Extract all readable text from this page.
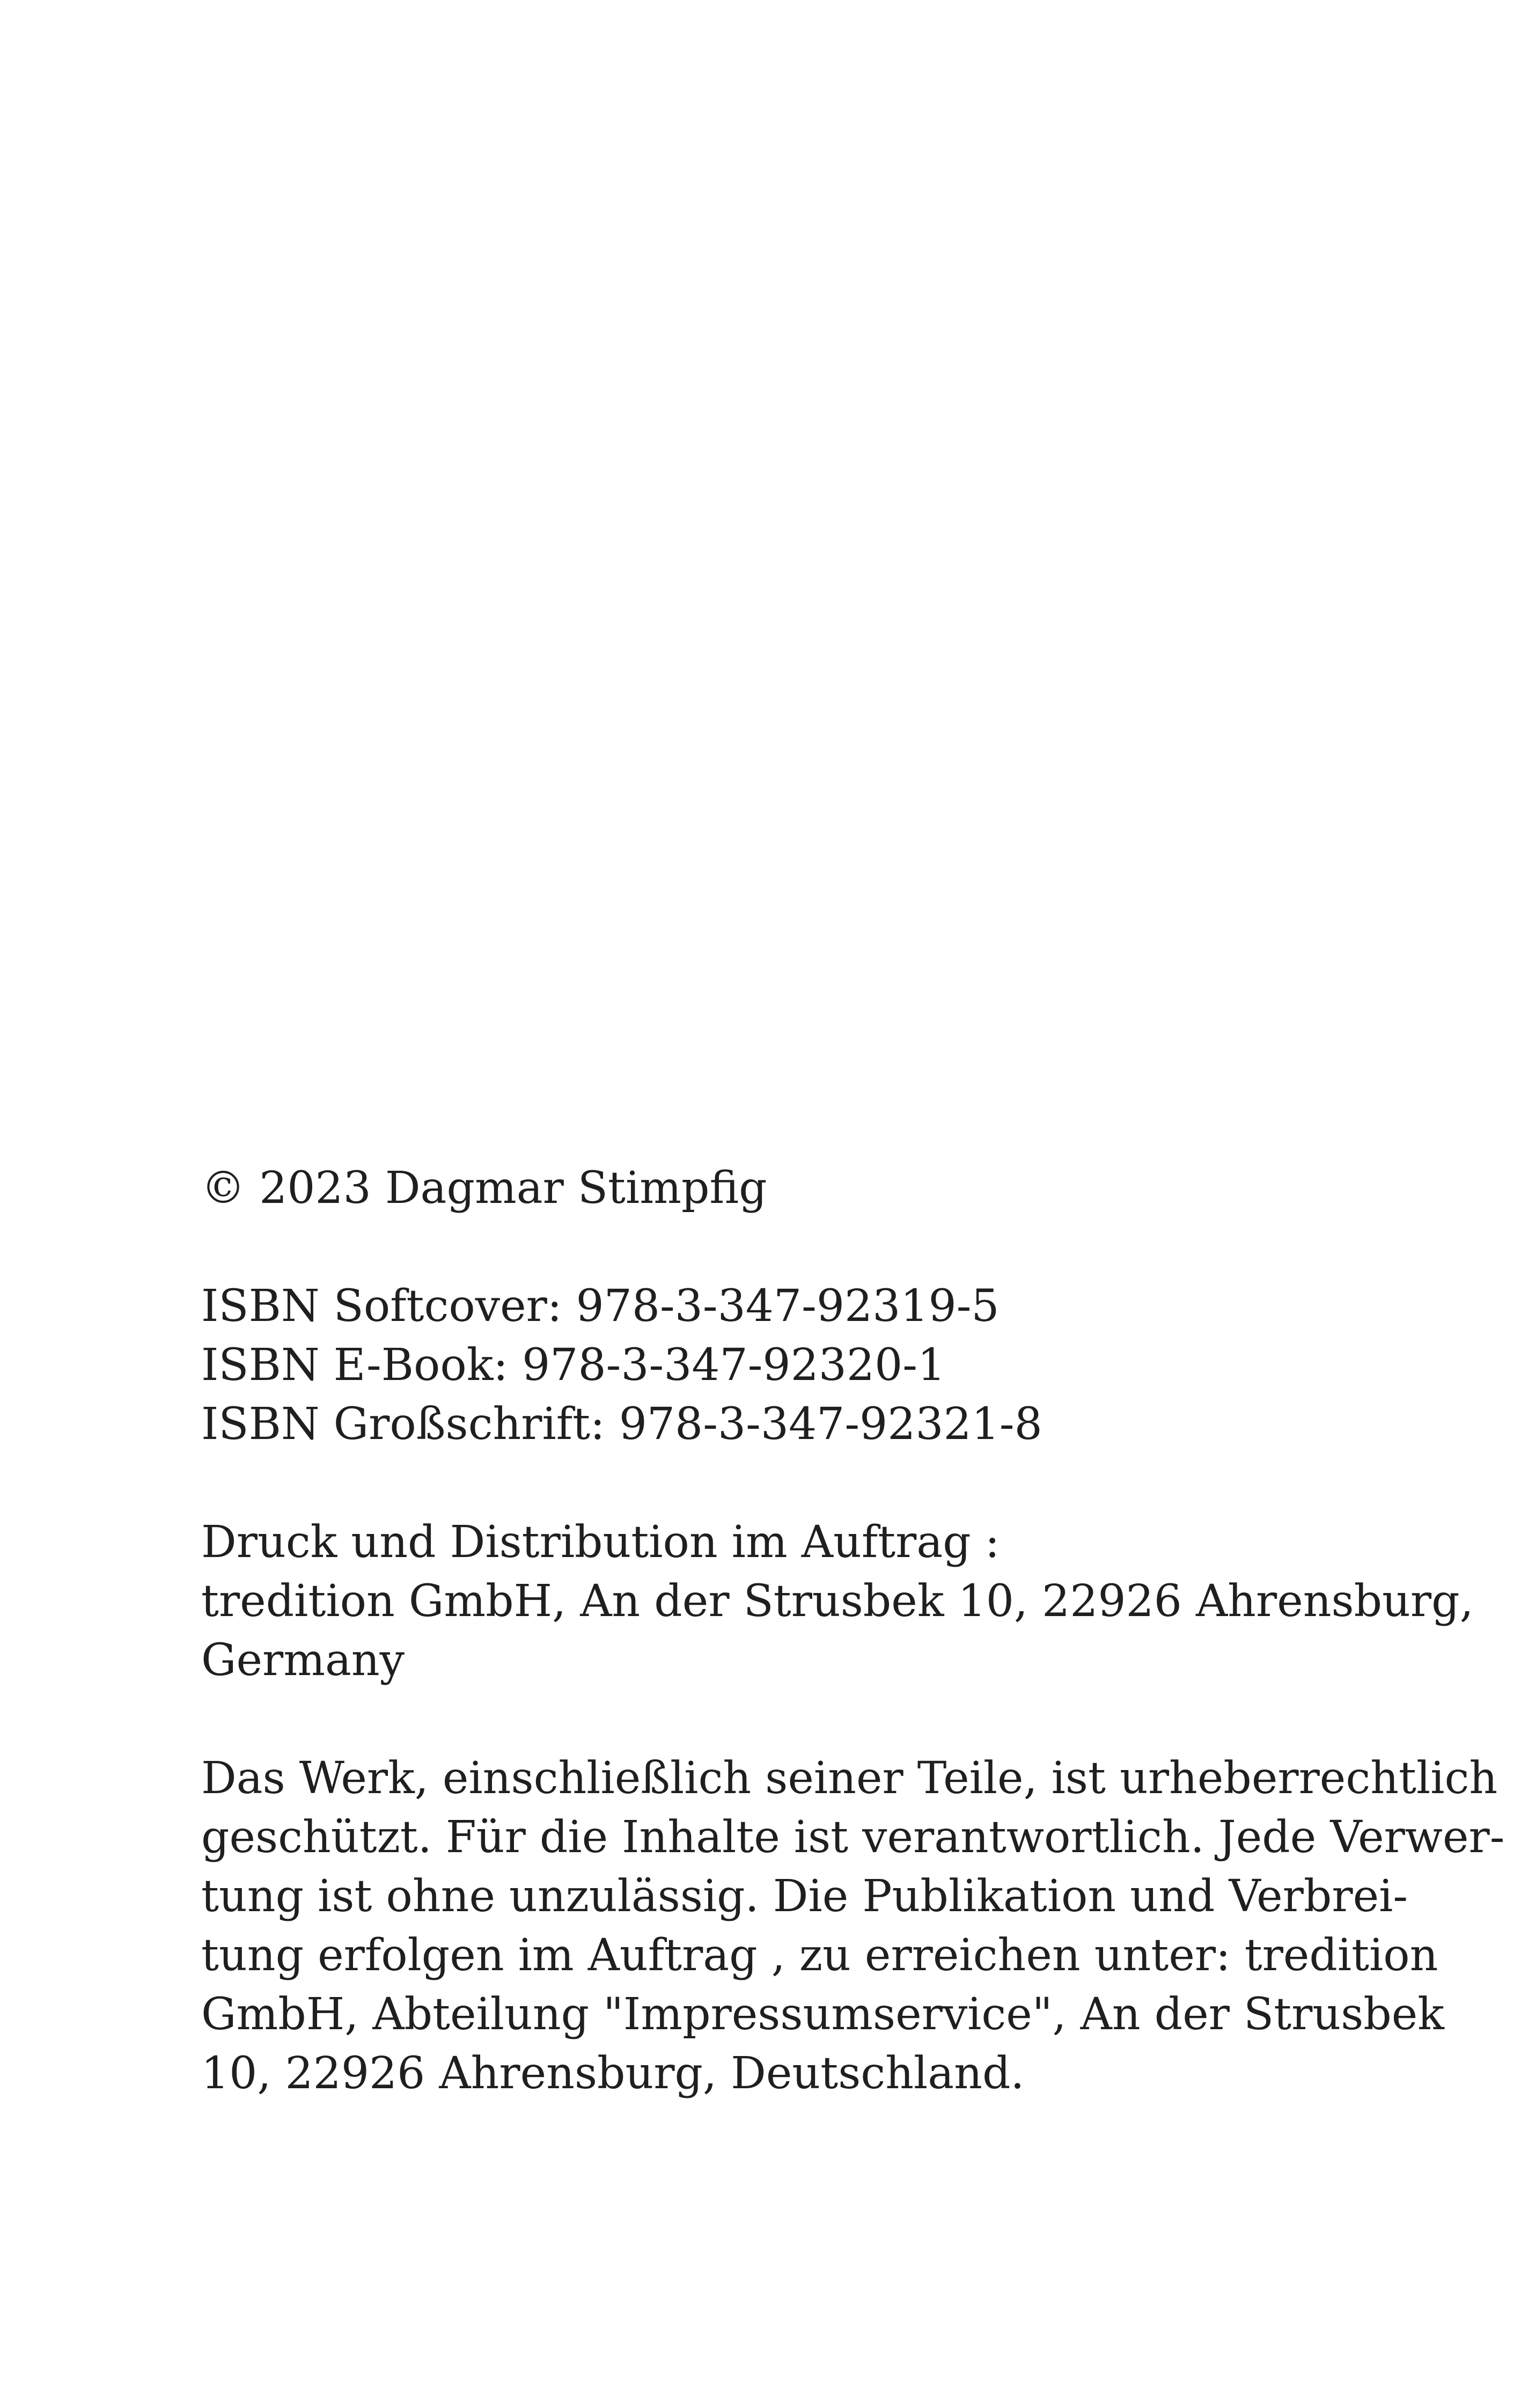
© 2023 Dagmar Stimpfig
ISBN Softcover: 978-3-347-92319-5
ISBN E-Book: 978-3-347-92320-1
ISBN Großschrift: 978-3-347-92321-8
Druck und Distribution im Auftrag :
tredition GmbH, An der Strusbek 10, 22926 Ahrensburg,
Germany
Das Werk, einschließlich seiner Teile, ist urheberrechtlich
geschützt. Für die Inhalte ist verantwortlich. Jede Verwer-
tung ist ohne unzulässig. Die Publikation und Verbrei-
tung erfolgen im Auftrag , zu erreichen unter: tredition
GmbH, Abteilung "Impressumservice", An der Strusbek
10, 22926 Ahrensburg, Deutschland.
